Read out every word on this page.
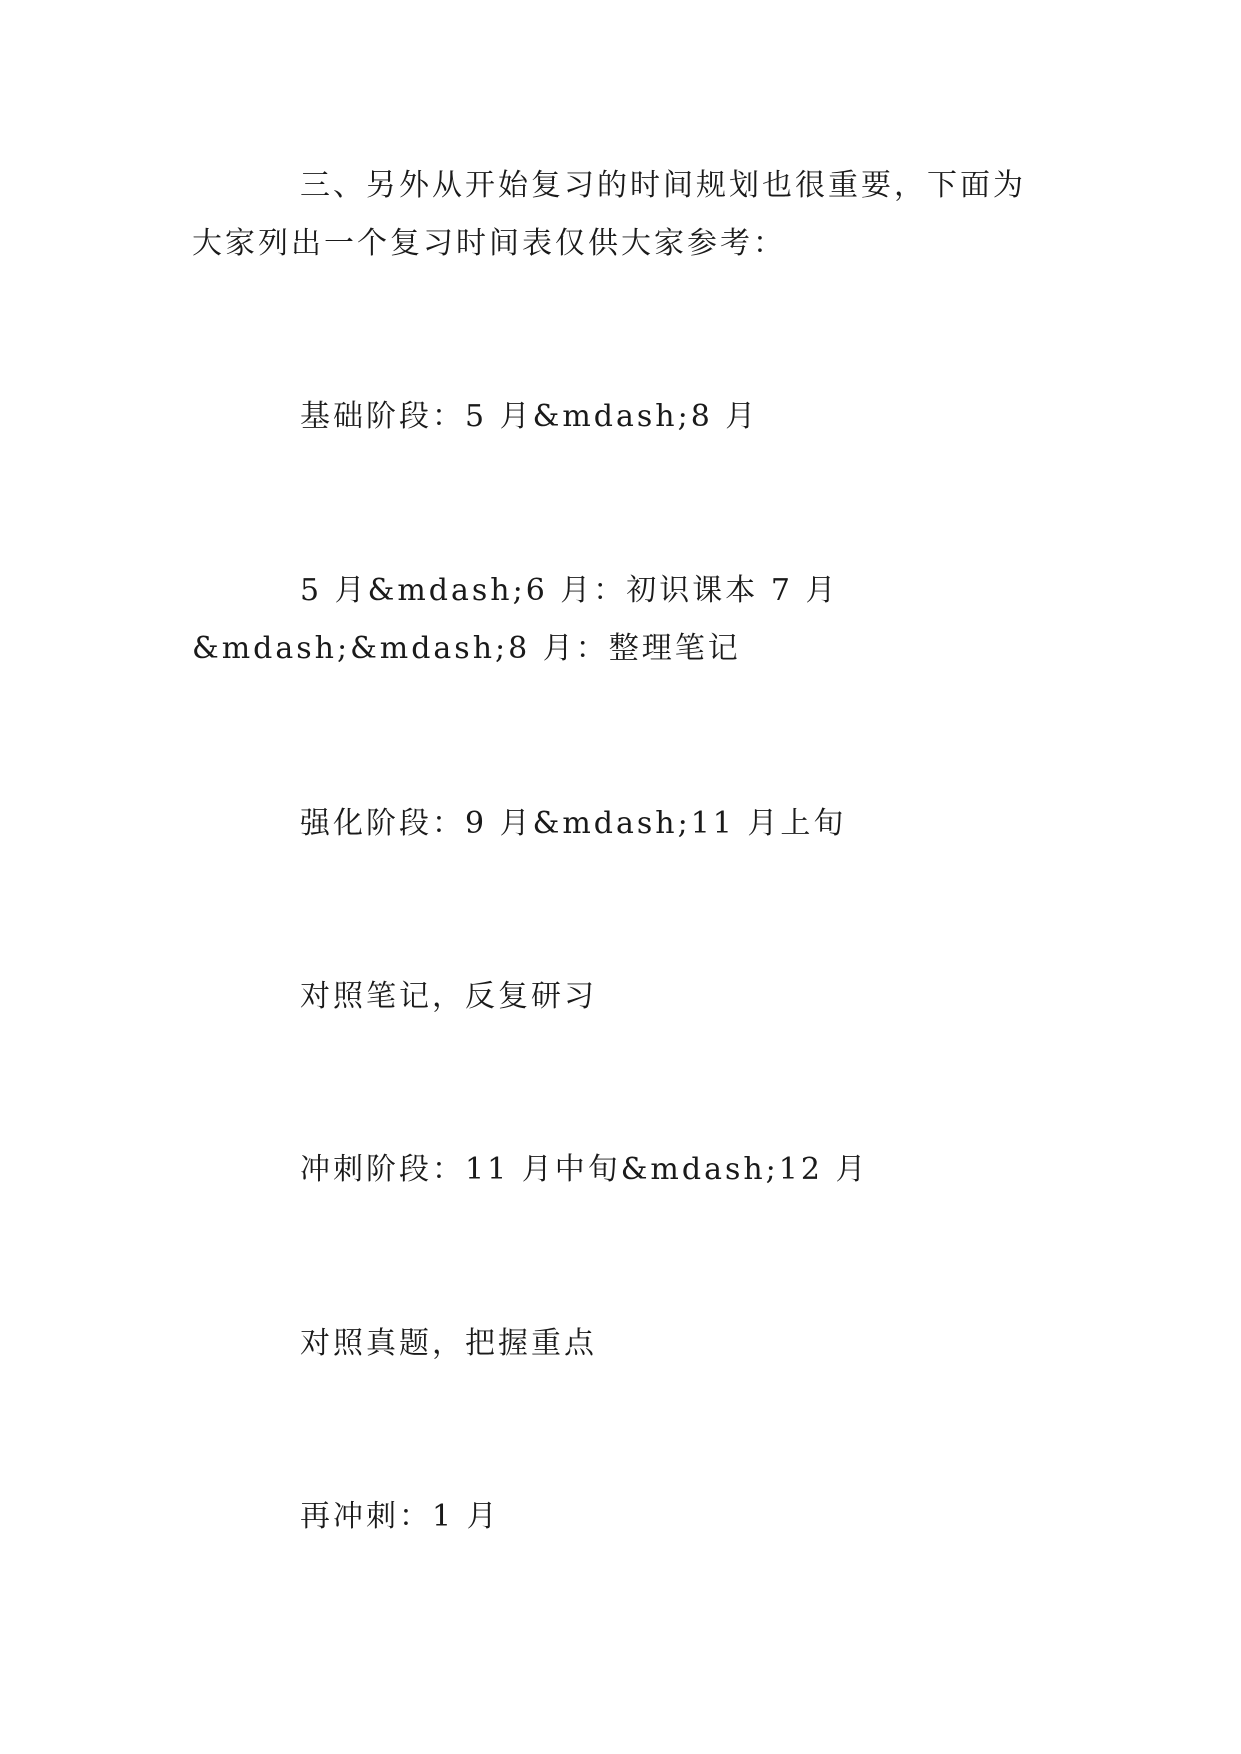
三、另外从开始复习的时间规划也很重要，下面为大家列出一个复习时间表仅供大家参考：

基础阶段：5 月&mdash;8 月

5 月&mdash;6 月：初识课本 7 月&mdash;&mdash;8 月：整理笔记

强化阶段：9 月&mdash;11 月上旬

对照笔记，反复研习

冲刺阶段：11 月中旬&mdash;12 月

对照真题，把握重点

再冲刺：1 月
